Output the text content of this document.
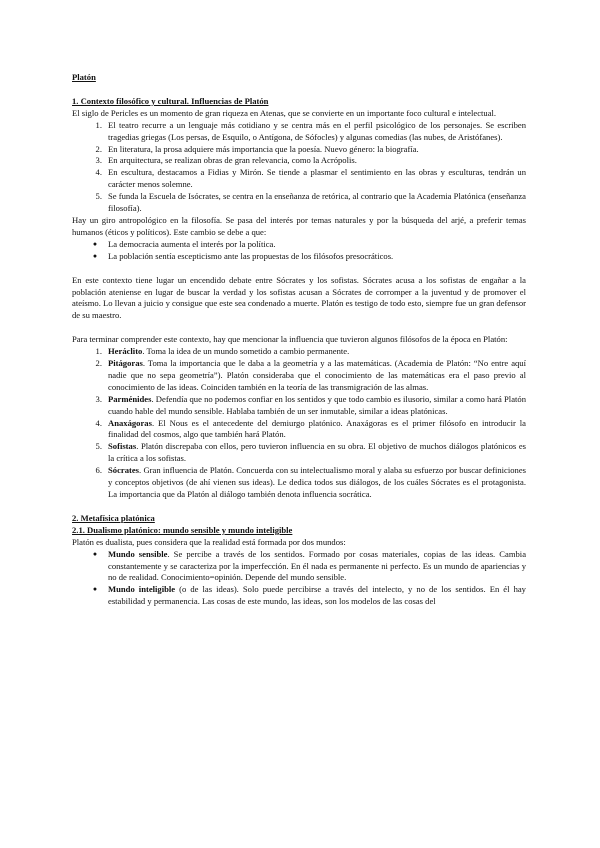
Platón

1. Contexto filosófico y cultural. Influencias de Platón

El siglo de Pericles es un momento de gran riqueza en Atenas, que se convierte en un importante foco cultural e intelectual.

1. El teatro recurre a un lenguaje más cotidiano y se centra más en el perfil psicológico de los personajes. Se escriben tragedias griegas (Los persas, de Esquilo, o Antígona, de Sófocles) y algunas comedias (las nubes, de Aristófanes).
2. En literatura, la prosa adquiere más importancia que la poesía. Nuevo género: la biografía.
3. En arquitectura, se realizan obras de gran relevancia, como la Acrópolis.
4. En escultura, destacamos a Fidias y Mirón. Se tiende a plasmar el sentimiento en las obras y esculturas, tendrán un carácter menos solemne.
5. Se funda la Escuela de Isócrates, se centra en la enseñanza de retórica, al contrario que la Academia Platónica (enseñanza filosofía).

Hay un giro antropológico en la filosofía. Se pasa del interés por temas naturales y por la búsqueda del arjé, a preferir temas humanos (éticos y políticos). Este cambio se debe a que:

●	La democracia aumenta el interés por la política.
●	La población sentía escepticismo ante las propuestas de los filósofos presocráticos.

En este contexto tiene lugar un encendido debate entre Sócrates y los sofistas. Sócrates acusa a los sofistas de engañar a la población ateniense en lugar de buscar la verdad y los sofistas acusan a Sócrates de corromper a la juventud y de promover el ateísmo. Lo llevan a juicio y consigue que este sea condenado a muerte. Platón es testigo de todo esto, siempre fue un gran defensor de su maestro.

Para terminar comprender este contexto, hay que mencionar la influencia que tuvieron algunos filósofos de la época en Platón:

1. Heráclito. Toma la idea de un mundo sometido a cambio permanente.
2. Pitágoras. Toma la importancia que le daba a la geometría y a las matemáticas. (Academia de Platón: “No entre aquí nadie que no sepa geometría”). Platón consideraba que el conocimiento de las matemáticas era el paso previo al conocimiento de las ideas. Coinciden también en la teoría de las transmigración de las almas.
3. Parménides. Defendía que no podemos confiar en los sentidos y que todo cambio es ilusorio, similar a como hará Platón cuando hable del mundo sensible. Hablaba también de un ser inmutable, similar a ideas platónicas.
4. Anaxágoras. El Nous es el antecedente del demiurgo platónico. Anaxágoras es el primer filósofo en introducir la finalidad del cosmos, algo que también hará Platón.
5. Sofistas. Platón discrepaba con ellos, pero tuvieron influencia en su obra. El objetivo de muchos diálogos platónicos es la crítica a los sofistas.
6. Sócrates. Gran influencia de Platón. Concuerda con su intelectualismo moral y alaba su esfuerzo por buscar definiciones y conceptos objetivos (de ahí vienen sus ideas). Le dedica todos sus diálogos, de los cuáles Sócrates es el protagonista. La importancia que da Platón al diálogo también denota influencia socrática.

2. Metafísica platónica

2.1. Dualismo platónico: mundo sensible y mundo inteligible

Platón es dualista, pues considera que la realidad está formada por dos mundos:

●	Mundo sensible. Se percibe a través de los sentidos. Formado por cosas materiales, copias de las ideas. Cambia constantemente y se caracteriza por la imperfección. En él nada es permanente ni perfecto. Es un mundo de apariencias y no de realidad. Conocimiento=opinión. Depende del mundo sensible.
●	Mundo inteligible (o de las ideas). Solo puede percibirse a través del intelecto, y no de los sentidos. En él hay estabilidad y permanencia. Las cosas de este mundo, las ideas, son los modelos de las cosas del
